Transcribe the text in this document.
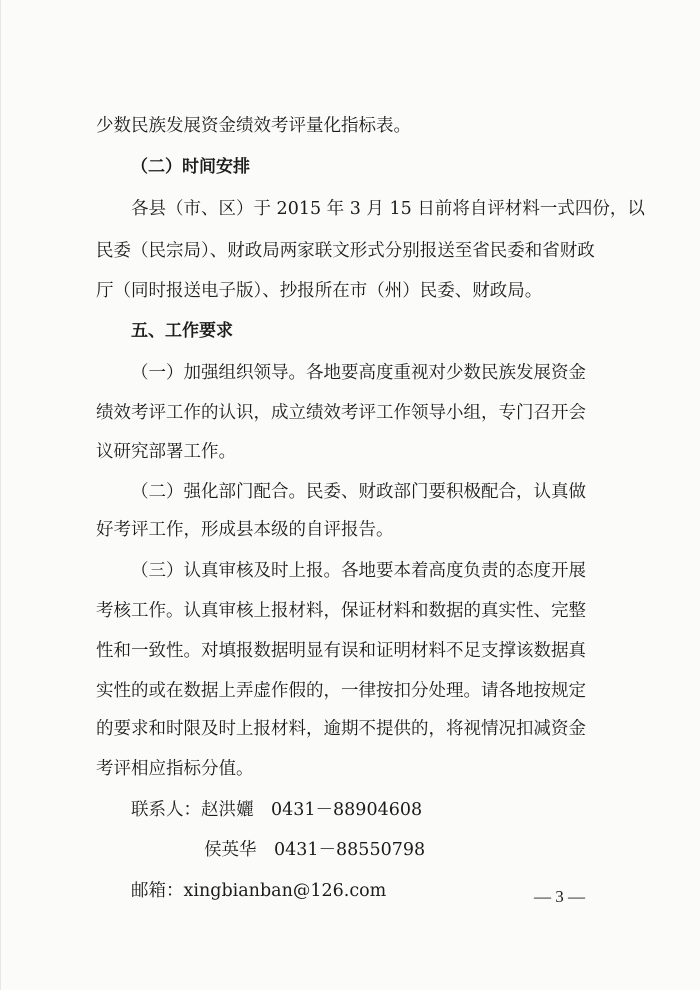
少数民族发展资金绩效考评量化指标表。
（二）时间安排
各县（市、区）于 2015 年 3 月 15 日前将自评材料一式四份，以
民委（民宗局）、财政局两家联文形式分别报送至省民委和省财政
厅（同时报送电子版）、抄报所在市（州）民委、财政局。
五、工作要求
（一）加强组织领导。各地要高度重视对少数民族发展资金
绩效考评工作的认识，成立绩效考评工作领导小组，专门召开会
议研究部署工作。
（二）强化部门配合。民委、财政部门要积极配合，认真做
好考评工作，形成县本级的自评报告。
（三）认真审核及时上报。各地要本着高度负责的态度开展
考核工作。认真审核上报材料，保证材料和数据的真实性、完整
性和一致性。对填报数据明显有误和证明材料不足支撑该数据真
实性的或在数据上弄虚作假的，一律按扣分处理。请各地按规定
的要求和时限及时上报材料，逾期不提供的，将视情况扣减资金
考评相应指标分值。
联系人：赵洪孋　0431－88904608
侯英华　0431－88550798
邮箱：xingbianban@126.com	— 3 —
